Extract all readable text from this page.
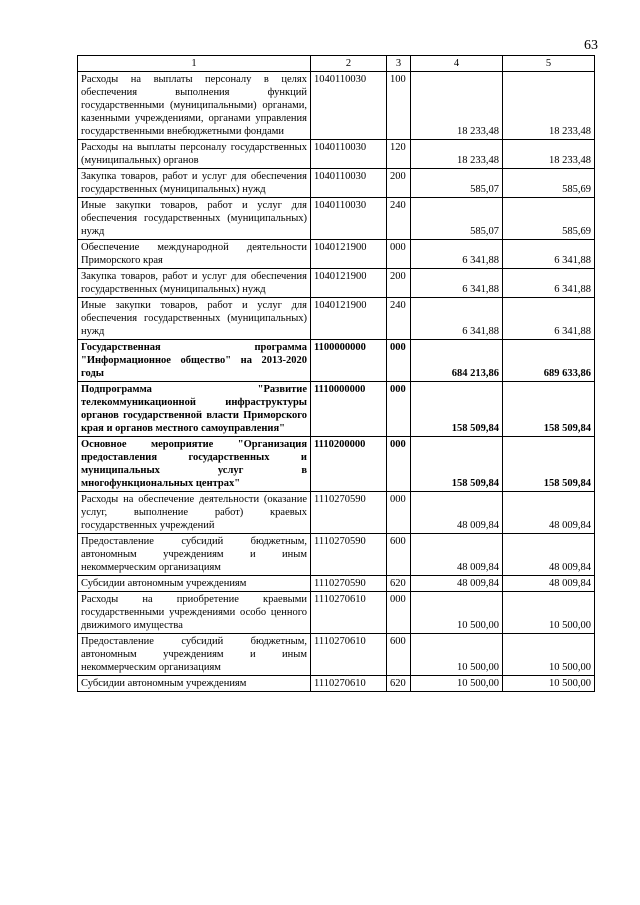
63
1	2	3	4	5
Расходы на выплаты персоналу в целях обеспечения выполнения функций государственными (муниципальными) органами, казенными учреждениями, органами управления государственными внебюджетными фондами	1040110030	100	18 233,48	18 233,48
Расходы на выплаты персоналу государственных (муниципальных) органов	1040110030	120	18 233,48	18 233,48
Закупка товаров, работ и услуг для обеспечения государственных (муниципальных) нужд	1040110030	200	585,07	585,69
Иные закупки товаров, работ и услуг для обеспечения государственных (муниципальных) нужд	1040110030	240	585,07	585,69
Обеспечение международной деятельности Приморского края	1040121900	000	6 341,88	6 341,88
Закупка товаров, работ и услуг для обеспечения государственных (муниципальных) нужд	1040121900	200	6 341,88	6 341,88
Иные закупки товаров, работ и услуг для обеспечения государственных (муниципальных) нужд	1040121900	240	6 341,88	6 341,88
Государственная программа "Информационное общество" на 2013-2020 годы	1100000000	000	684 213,86	689 633,86
Подпрограмма "Развитие телекоммуникационной инфраструктуры органов государственной власти Приморского края и органов местного самоуправления"	1110000000	000	158 509,84	158 509,84
Основное мероприятие "Организация предоставления государственных и муниципальных услуг в многофункциональных центрах"	1110200000	000	158 509,84	158 509,84
Расходы на обеспечение деятельности (оказание услуг, выполнение работ) краевых государственных учреждений	1110270590	000	48 009,84	48 009,84
Предоставление субсидий бюджетным, автономным учреждениям и иным некоммерческим организациям	1110270590	600	48 009,84	48 009,84
Субсидии автономным учреждениям	1110270590	620	48 009,84	48 009,84
Расходы на приобретение краевыми государственными учреждениями особо ценного движимого имущества	1110270610	000	10 500,00	10 500,00
Предоставление субсидий бюджетным, автономным учреждениям и иным некоммерческим организациям	1110270610	600	10 500,00	10 500,00
Субсидии автономным учреждениям	1110270610	620	10 500,00	10 500,00
